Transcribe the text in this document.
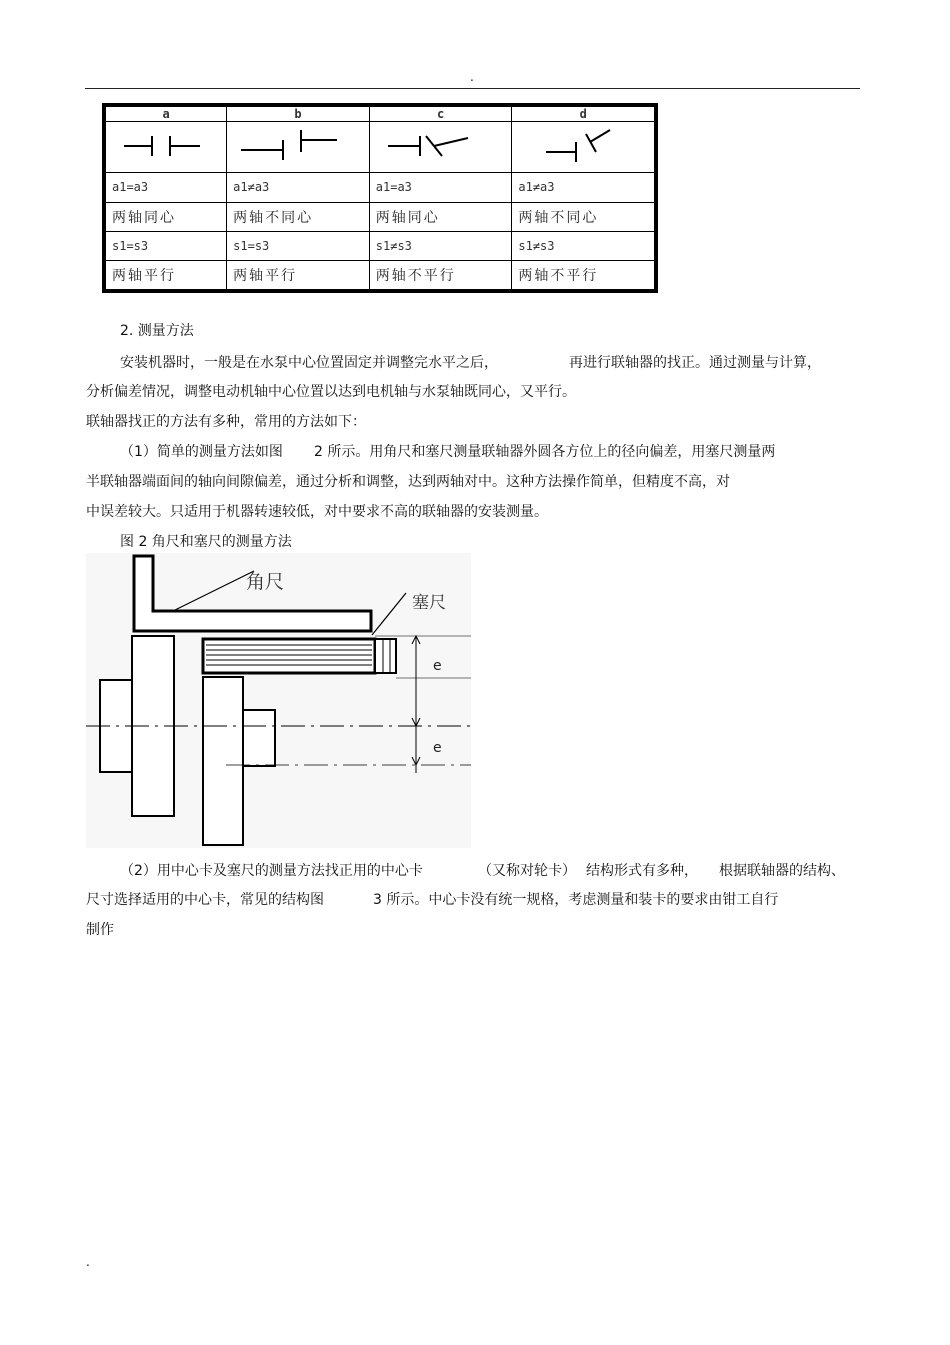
.
a	b	c	d

a1=a3	a1≠a3	a1=a3	a1≠a3
两轴同心	两轴不同心	两轴同心	两轴不同心
s1=s3	s1=s3	s1≠s3	s1≠s3
两轴平行	两轴平行	两轴不平行	两轴不平行
2. 测量方法
安装机器时，一般是在水泵中心位置固定并调整完水平之后，	再进行联轴器的找正。通过测量与计算，
分析偏差情况，调整电动机轴中心位置以达到电机轴与水泵轴既同心，又平行。
联轴器找正的方法有多种，常用的方法如下：
（1）简单的测量方法如图 2 所示。用角尺和塞尺测量联轴器外圆各方位上的径向偏差，用塞尺测量两
半联轴器端面间的轴向间隙偏差，通过分析和调整，达到两轴对中。这种方法操作简单，但精度不高，对
中误差较大。只适用于机器转速较低，对中要求不高的联轴器的安装测量。
图 2 角尺和塞尺的测量方法
角尺
塞尺
e
e
（2）用中心卡及塞尺的测量方法找正用的中心卡	（又称对轮卡） 结构形式有多种， 根据联轴器的结构、
尺寸选择适用的中心卡，常见的结构图	3 所示。中心卡没有统一规格，考虑测量和装卡的要求由钳工自行
制作
.
